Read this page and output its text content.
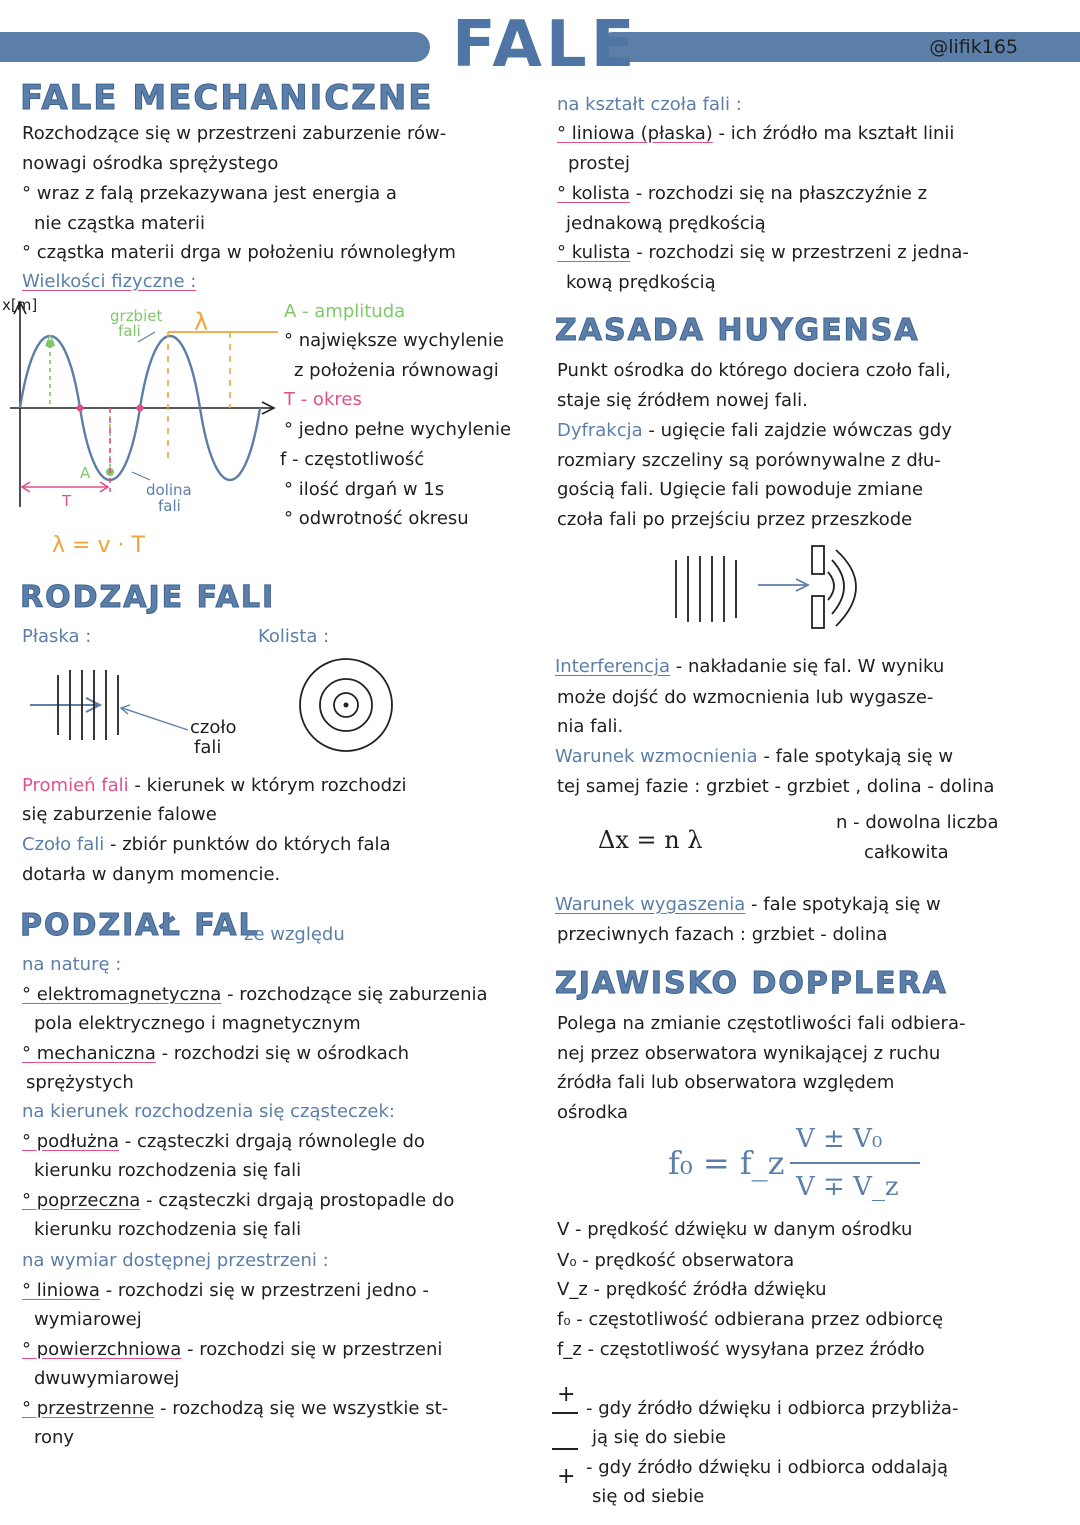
FALE	@lifik165
FALE MECHANICZNE
Rozchodzące się w przestrzeni zaburzenie rów-
nowagi ośrodka sprężystego
° wraz z falą przekazywana jest energia a
nie cząstka materii
° cząstka materii drga w położeniu równoległym
Wielkości fizyczne :
x[m]
grzbiet
fali λ
A
A
T
dolina
fali
λ = v · T
A - amplituda
° największe wychylenie
z położenia równowagi
T - okres
° jedno pełne wychylenie
f - częstotliwość
° ilość drgań w 1s
° odwrotność okresu
RODZAJE FALI
Płaska :	Kolista :
czoło
fali
Promień fali - kierunek w którym rozchodzi
się zaburzenie falowe
Czoło fali - zbiór punktów do których fala
dotarła w danym momencie.
PODZIAŁ FAL
ze względu
na naturę :
° elektromagnetyczna - rozchodzące się zaburzenia
pola elektrycznego i magnetycznym
° mechaniczna - rozchodzi się w ośrodkach
sprężystych
na kierunek rozchodzenia się cząsteczek:
° podłużna - cząsteczki drgają równolegle do
kierunku rozchodzenia się fali
° poprzeczna - cząsteczki drgają prostopadle do
kierunku rozchodzenia się fali
na wymiar dostępnej przestrzeni :
° liniowa - rozchodzi się w przestrzeni jedno -
wymiarowej
° powierzchniowa - rozchodzi się w przestrzeni
dwuwymiarowej
° przestrzenne - rozchodzą się we wszystkie st-
rony
na kształt czoła fali :
° liniowa (płaska) - ich źródło ma kształt linii
prostej
° kolista - rozchodzi się na płaszczyźnie z
jednakową prędkością
° kulista - rozchodzi się w przestrzeni z jedna-
kową prędkością
ZASADA HUYGENSA
Punkt ośrodka do którego dociera czoło fali,
staje się źródłem nowej fali.
Dyfrakcja - ugięcie fali zajdzie wówczas gdy
rozmiary szczeliny są porównywalne z dłu-
gością fali. Ugięcie fali powoduje zmiane
czoła fali po przejściu przez przeszkode
Interferencja - nakładanie się fal. W wyniku
może dojść do wzmocnienia lub wygasze-
nia fali.
Warunek wzmocnienia - fale spotykają się w
tej samej fazie : grzbiet - grzbiet , dolina - dolina
n - dowolna liczba
całkowita
Δx = n λ
Warunek wygaszenia - fale spotykają się w
przeciwnych fazach : grzbiet - dolina
ZJAWISKO DOPPLERA
Polega na zmianie częstotliwości fali odbiera-
nej przez obserwatora wynikającej z ruchu
źródła fali lub obserwatora względem
ośrodka
f₀ = f_z
V ± V₀
V ∓ V_z
V - prędkość dźwięku w danym ośrodku
V₀ - prędkość obserwatora
V_z - prędkość źródła dźwięku
f₀ - częstotliwość odbierana przez odbiorcę
f_z - częstotliwość wysyłana przez źródło
+
+
- gdy źródło dźwięku i odbiorca przybliża-
ją się do siebie
- gdy źródło dźwięku i odbiorca oddalają
się od siebie
